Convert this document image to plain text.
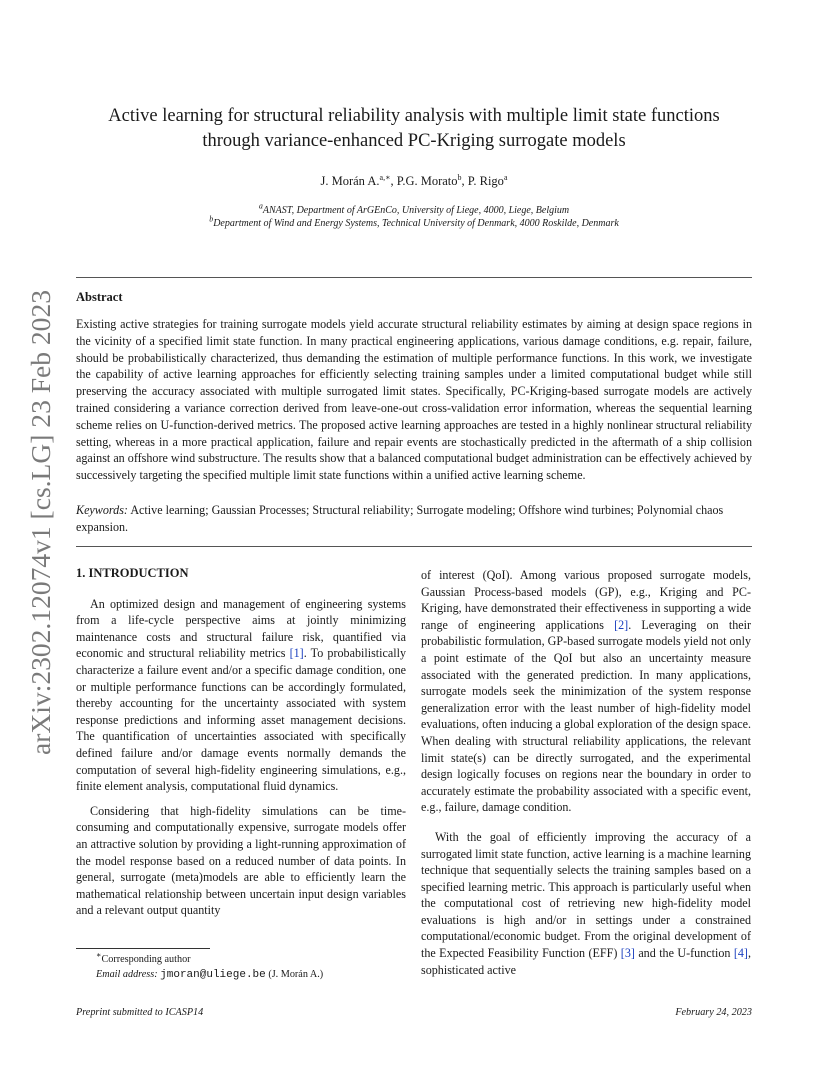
arXiv:2302.12074v1 [cs.LG] 23 Feb 2023
Active learning for structural reliability analysis with multiple limit state functions
through variance-enhanced PC-Kriging surrogate models
J. Morán A.$^{a,∗}$, P.G. Morato$^b$, P. Rigo$^a$
$^a$ANAST, Department of ArGEnCo, University of Liege, 4000, Liege, Belgium
$^b$Department of Wind and Energy Systems, Technical University of Denmark, 4000 Roskilde, Denmark
Abstract
Existing active strategies for training surrogate models yield accurate structural reliability estimates by aiming at design space regions in the vicinity of a specified limit state function. In many practical engineering applications, various damage conditions, e.g. repair, failure, should be probabilistically characterized, thus demanding the estimation of multiple performance functions. In this work, we investigate the capability of active learning approaches for efficiently selecting training samples under a limited computational budget while still preserving the accuracy associated with multiple surrogated limit states. Specifically, PC-Kriging-based surrogate models are actively trained considering a variance correction derived from leave-one-out cross-validation error information, whereas the sequential learning scheme relies on U-function-derived metrics. The proposed active learning approaches are tested in a highly nonlinear structural reliability setting, whereas in a more practical application, failure and repair events are stochastically predicted in the aftermath of a ship collision against an offshore wind substructure. The results show that a balanced computational budget administration can be effectively achieved by successively targeting the specified multiple limit state functions within a unified active learning scheme.
Keywords: Active learning; Gaussian Processes; Structural reliability; Surrogate modeling; Offshore wind turbines; Polynomial chaos expansion.
1. INTRODUCTION

An optimized design and management of engineering systems from a life-cycle perspective aims at jointly minimizing maintenance costs and structural failure risk, quantified via economic and structural reliability metrics [1]. To probabilistically characterize a failure event and/or a specific damage condition, one or multiple performance functions can be accordingly formulated, thereby accounting for the uncertainty associated with system response predictions and informing asset management decisions. The quantification of uncertainties associated with specifically defined failure and/or damage events normally demands the computation of several high-fidelity engineering simulations, e.g., finite element analysis, computational fluid dynamics.

Considering that high-fidelity simulations can be time-consuming and computationally expensive, surrogate models offer an attractive solution by providing a light-running approximation of the model response based on a reduced number of data points. In general, surrogate (meta)models are able to efficiently learn the mathematical relationship between uncertain input design variables and a relevant output quantity

of interest (QoI). Among various proposed surrogate models, Gaussian Process-based models (GP), e.g., Kriging and PC-Kriging, have demonstrated their effectiveness in supporting a wide range of engineering applications [2]. Leveraging on their probabilistic formulation, GP-based surrogate models yield not only a point estimate of the QoI but also an uncertainty measure associated with the generated prediction. In many applications, surrogate models seek the minimization of the system response generalization error with the least number of high-fidelity model evaluations, often inducing a global exploration of the design space. When dealing with structural reliability applications, the relevant limit state(s) can be directly surrogated, and the experimental design logically focuses on regions near the boundary in order to accurately estimate the probability associated with a specific event, e.g., failure, damage condition.

With the goal of efficiently improving the accuracy of a surrogated limit state function, active learning is a machine learning technique that sequentially selects the training samples based on a specified learning metric. This approach is particularly useful when the computational cost of retrieving new high-fidelity model evaluations is high and/or in settings under a constrained computational/economic budget. From the original development of the Expected Feasibility Function (EFF) [3] and the U-function [4], sophisticated active

∗Corresponding author
Email address: jmoran@uliege.be (J. Morán A.)
Preprint submitted to ICASP14	February 24, 2023
